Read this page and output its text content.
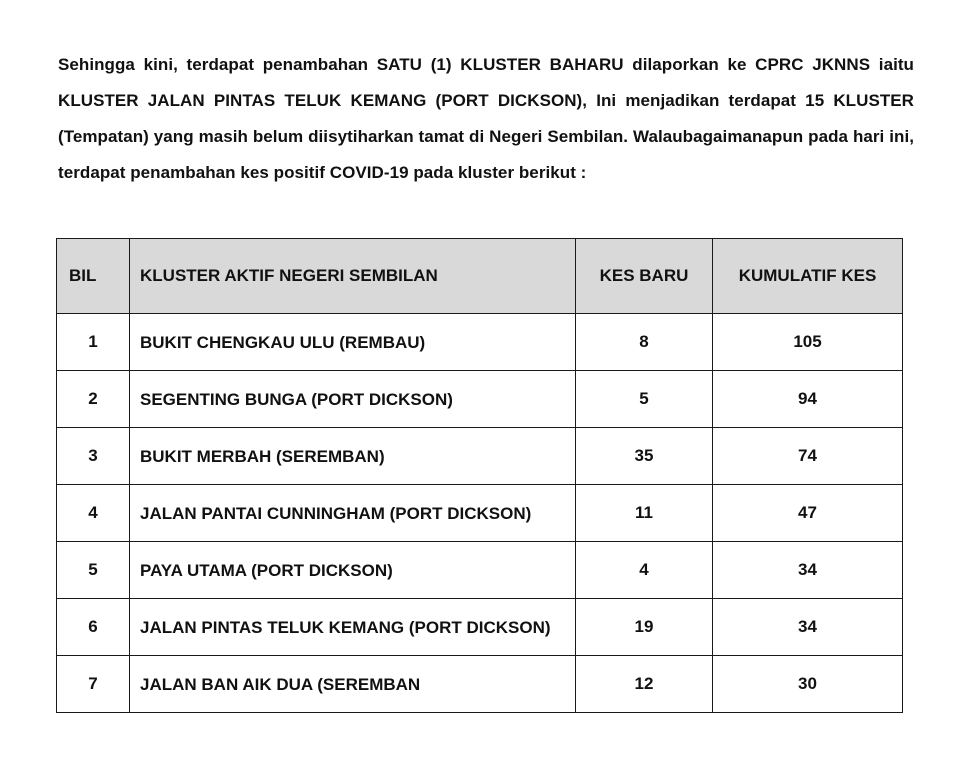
Sehingga kini, terdapat penambahan SATU (1) KLUSTER BAHARU dilaporkan ke CPRC JKNNS iaitu KLUSTER JALAN PINTAS TELUK KEMANG (PORT DICKSON), Ini menjadikan terdapat 15 KLUSTER (Tempatan) yang masih belum diisytiharkan tamat di Negeri Sembilan. Walaubagaimanapun pada hari ini, terdapat penambahan kes positif COVID-19 pada kluster berikut :

BIL	KLUSTER AKTIF NEGERI SEMBILAN	KES BARU	KUMULATIF KES
1	BUKIT CHENGKAU ULU (REMBAU)	8	105
2	SEGENTING BUNGA (PORT DICKSON)	5	94
3	BUKIT MERBAH (SEREMBAN)	35	74
4	JALAN PANTAI CUNNINGHAM (PORT DICKSON)	11	47
5	PAYA UTAMA (PORT DICKSON)	4	34
6	JALAN PINTAS TELUK KEMANG (PORT DICKSON)	19	34
7	JALAN BAN AIK DUA (SEREMBAN	12	30
